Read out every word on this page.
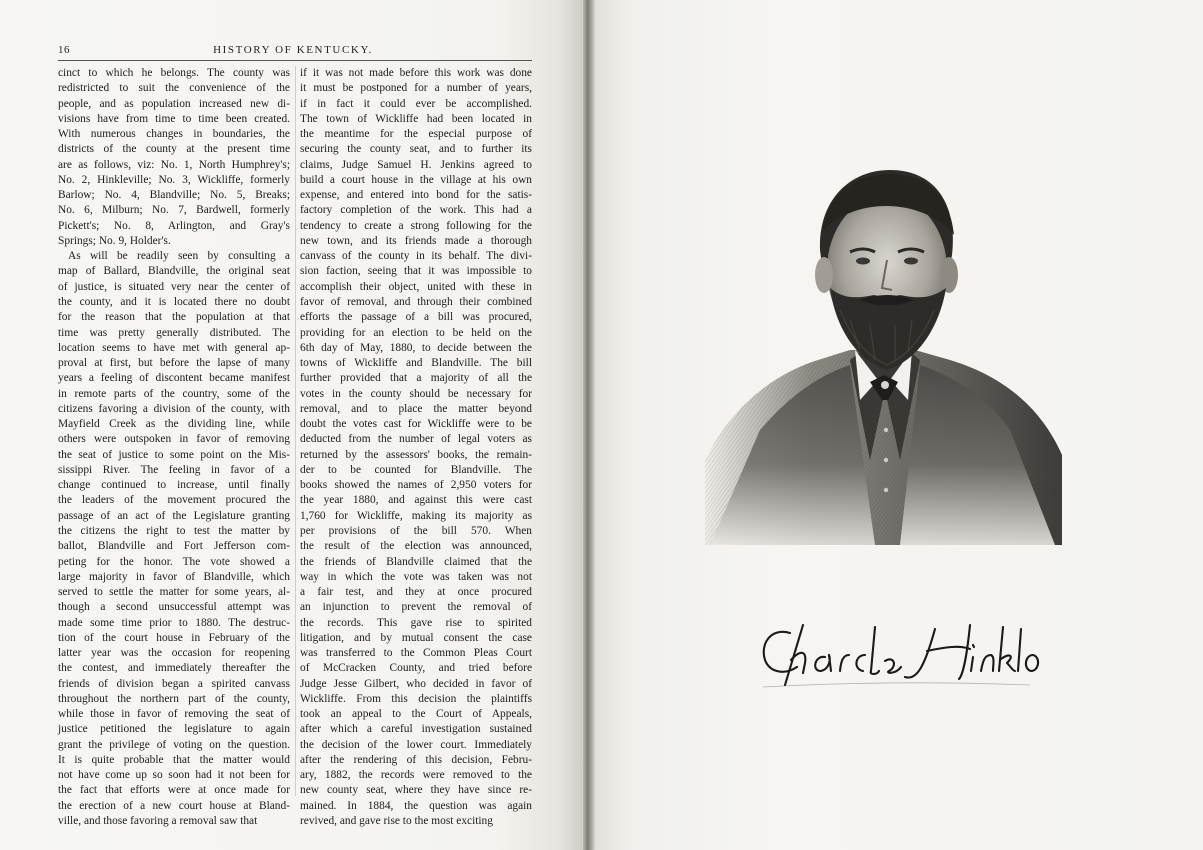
16	HISTORY OF KENTUCKY.
cinct to which he belongs. The county was
redistricted to suit the convenience of the
people, and as population increased new di-
visions have from time to time been created.
With numerous changes in boundaries, the
districts of the county at the present time
are as follows, viz: No. 1, North Humphrey's;
No. 2, Hinkleville; No. 3, Wickliffe, formerly
Barlow; No. 4, Blandville; No. 5, Breaks;
No. 6, Milburn; No. 7, Bardwell, formerly
Pickett's; No. 8, Arlington, and Gray's
Springs; No. 9, Holder's.
As will be readily seen by consulting a
map of Ballard, Blandville, the original seat
of justice, is situated very near the center of
the county, and it is located there no doubt
for the reason that the population at that
time was pretty generally distributed. The
location seems to have met with general ap-
proval at first, but before the lapse of many
years a feeling of discontent became manifest
in remote parts of the country, some of the
citizens favoring a division of the county, with
Mayfield Creek as the dividing line, while
others were outspoken in favor of removing
the seat of justice to some point on the Mis-
sissippi River. The feeling in favor of a
change continued to increase, until finally
the leaders of the movement procured the
passage of an act of the Legislature granting
the citizens the right to test the matter by
ballot, Blandville and Fort Jefferson com-
peting for the honor. The vote showed a
large majority in favor of Blandville, which
served to settle the matter for some years, al-
though a second unsuccessful attempt was
made some time prior to 1880. The destruc-
tion of the court house in February of the
latter year was the occasion for reopening
the contest, and immediately thereafter the
friends of division began a spirited canvass
throughout the northern part of the county,
while those in favor of removing the seat of
justice petitioned the legislature to again
grant the privilege of voting on the question.
It is quite probable that the matter would
not have come up so soon had it not been for
the fact that efforts were at once made for
the erection of a new court house at Bland-
ville, and those favoring a removal saw that
if it was not made before this work was done
it must be postponed for a number of years,
if in fact it could ever be accomplished.
The town of Wickliffe had been located in
the meantime for the especial purpose of
securing the county seat, and to further its
claims, Judge Samuel H. Jenkins agreed to
build a court house in the village at his own
expense, and entered into bond for the satis-
factory completion of the work. This had a
tendency to create a strong following for the
new town, and its friends made a thorough
canvass of the county in its behalf. The divi-
sion faction, seeing that it was impossible to
accomplish their object, united with these in
favor of removal, and through their combined
efforts the passage of a bill was procured,
providing for an election to be held on the
6th day of May, 1880, to decide between the
towns of Wickliffe and Blandville. The bill
further provided that a majority of all the
votes in the county should be necessary for
removal, and to place the matter beyond
doubt the votes cast for Wickliffe were to be
deducted from the number of legal voters as
returned by the assessors' books, the remain-
der to be counted for Blandville. The
books showed the names of 2,950 voters for
the year 1880, and against this were cast
1,760 for Wickliffe, making its majority as
per provisions of the bill 570. When
the result of the election was announced,
the friends of Blandville claimed that the
way in which the vote was taken was not
a fair test, and they at once procured
an injunction to prevent the removal of
the records. This gave rise to spirited
litigation, and by mutual consent the case
was transferred to the Common Pleas Court
of McCracken County, and tried before
Judge Jesse Gilbert, who decided in favor of
Wickliffe. From this decision the plaintiffs
took an appeal to the Court of Appeals,
after which a careful investigation sustained
the decision of the lower court. Immediately
after the rendering of this decision, Febru-
ary, 1882, the records were removed to the
new county seat, where they have since re-
mained. In 1884, the question was again
revived, and gave rise to the most exciting
